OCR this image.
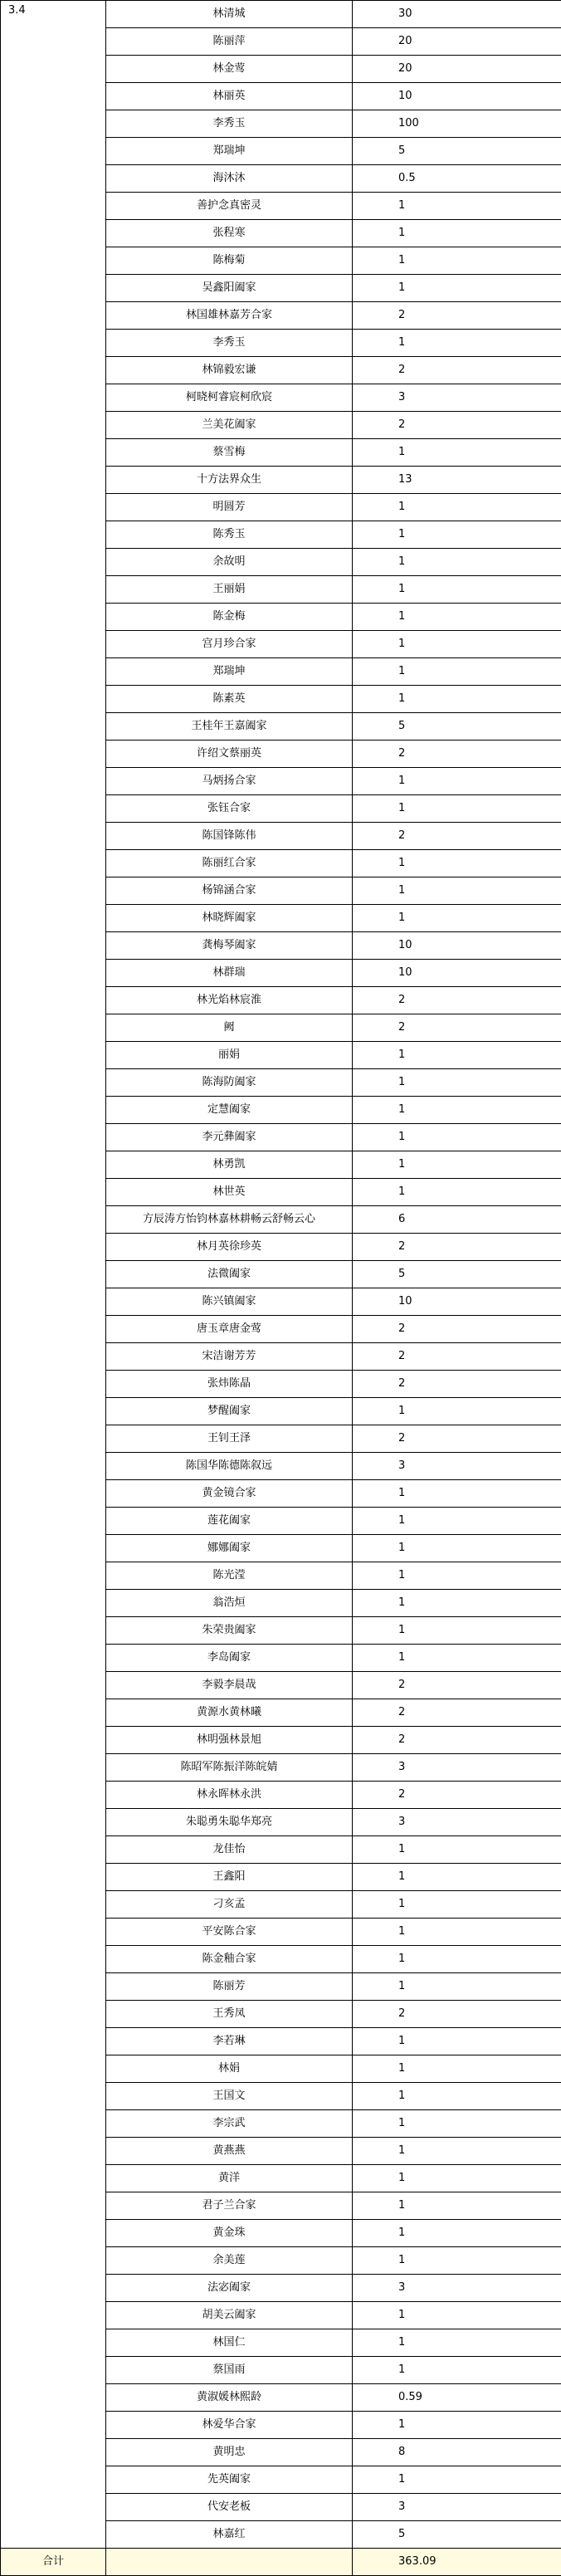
3.4	林清城	30
	陈丽萍	20
	林金莺	20
	林丽英	10
	李秀玉	100
	郑瑞坤	5
	海沐沐	0.5
	善护念真密灵	1
	张程寒	1
	陈梅菊	1
	吴鑫阳阖家	1
	林国雄林嘉芳合家	2
	李秀玉	1
	林锦毅宏谦	2
	柯晓柯睿宸柯欣宸	3
	兰美花阖家	2
	蔡雪梅	1
	十方法界众生	13
	明圆芳	1
	陈秀玉	1
	余故明	1
	王丽娟	1
	陈金梅	1
	宫月珍合家	1
	郑瑞坤	1
	陈素英	1
	王桂年王嘉阖家	5
	许绍文蔡丽英	2
	马炳扬合家	1
	张钰合家	1
	陈国锋陈伟	2
	陈丽红合家	1
	杨锦涵合家	1
	林晓辉阖家	1
	龚梅琴阖家	10
	林群瑞	10
	林光焰林宸淮	2
	阙	2
	丽娟	1
	陈海防阖家	1
	定慧阖家	1
	李元彝阖家	1
	林勇凯	1
	林世英	1
	方辰涛方怡钧林嘉林耕畅云舒畅云心	6
	林月英徐珍英	2
	法微阖家	5
	陈兴镇阖家	10
	唐玉章唐金莺	2
	宋洁谢芳芳	2
	张炜陈晶	2
	梦醒阖家	1
	王钊王泽	2
	陈国华陈德陈叙远	3
	黄金镜合家	1
	莲花阖家	1
	娜娜阖家	1
	陈光滢	1
	翁浩烜	1
	朱荣贵阖家	1
	李岛阖家	1
	李毅李晨哉	2
	黄源水黄林曦	2
	林明强林景旭	2
	陈昭军陈振洋陈皖婧	3
	林永晖林永洪	2
	朱聪勇朱聪华郑亮	3
	龙佳怡	1
	王鑫阳	1
	刁亥孟	1
	平安陈合家	1
	陈金釉合家	1
	陈丽芳	1
	王秀凤	2
	李若琳	1
	林娟	1
	王国文	1
	李宗武	1
	黄燕燕	1
	黄洋	1
	君子兰合家	1
	黄金珠	1
	余美莲	1
	法宓阖家	3
	胡美云阖家	1
	林国仁	1
	蔡国雨	1
	黄淑媛林熙龄	0.59
	林爱华合家	1
	黄明忠	8
	先英阖家	1
	代安老板	3
	林嘉红	5
合计		363.09
